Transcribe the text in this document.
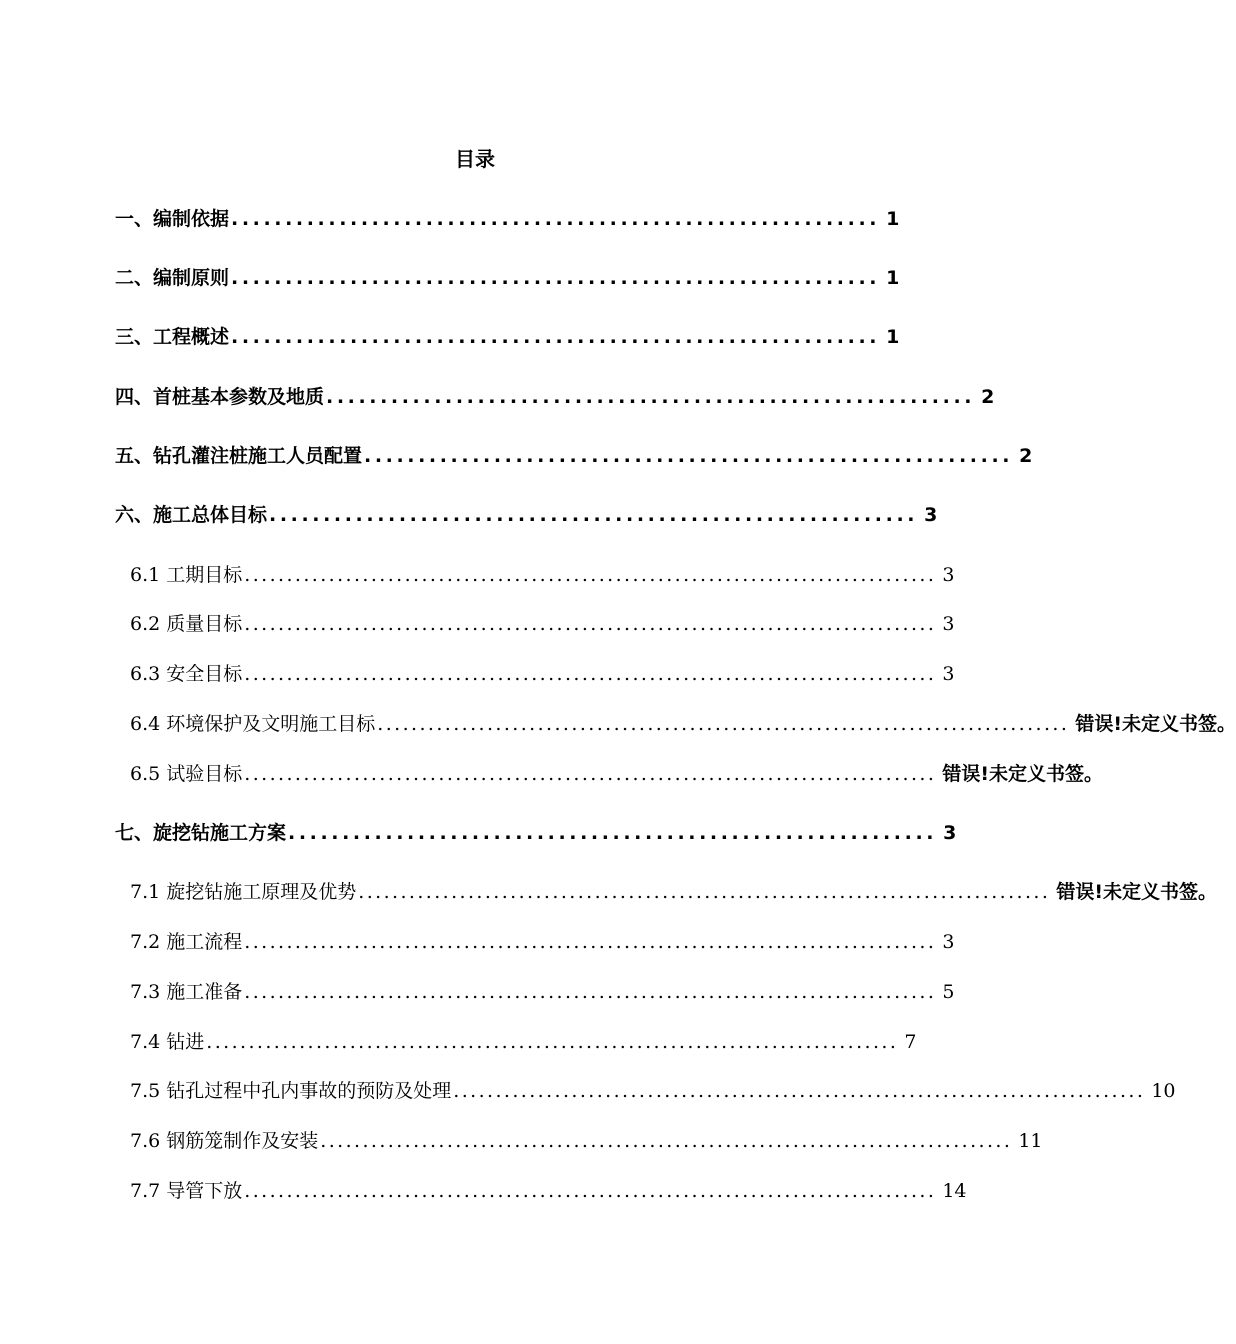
目录
一、编制依据 ............................................................ 1
二、编制原则 ............................................................ 1
三、工程概述 ............................................................ 1
四、首桩基本参数及地质 ............................................................ 2
五、钻孔灌注桩施工人员配置 ............................................................ 2
六、施工总体目标 ............................................................ 3
6.1 工期目标 .................................................................................. 3
6.2 质量目标 .................................................................................. 3
6.3 安全目标 .................................................................................. 3
6.4 环境保护及文明施工目标 .................................................................................. 错误!未定义书签。
6.5 试验目标 .................................................................................. 错误!未定义书签。
七、旋挖钻施工方案 ............................................................ 3
7.1 旋挖钻施工原理及优势 .................................................................................. 错误!未定义书签。
7.2 施工流程 .................................................................................. 3
7.3 施工准备 .................................................................................. 5
7.4 钻进 .................................................................................. 7
7.5 钻孔过程中孔内事故的预防及处理 .................................................................................. 10
7.6 钢筋笼制作及安装 .................................................................................. 11
7.7 导管下放 .................................................................................. 14
